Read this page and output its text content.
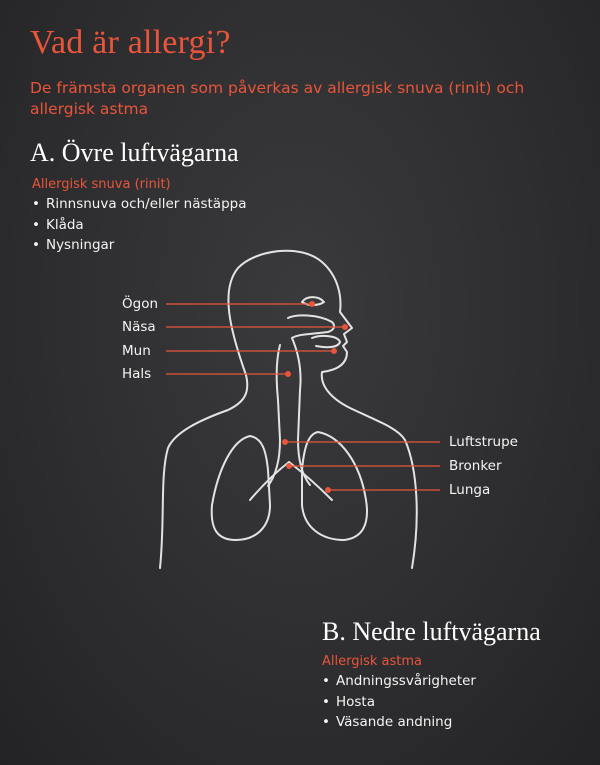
Vad är allergi?

De främsta organen som påverkas av allergisk snuva (rinit) och allergisk astma

A. Övre luftvägarna
Allergisk snuva (rinit)
• Rinnsnuva och/eller nästäppa
• Klåda
• Nysningar
Ögon
Näsa
Mun
Hals
Luftstrupe
Bronker
Lunga
B. Nedre luftvägarna
Allergisk astma
• Andningssvårigheter
• Hosta
• Väsande andning
